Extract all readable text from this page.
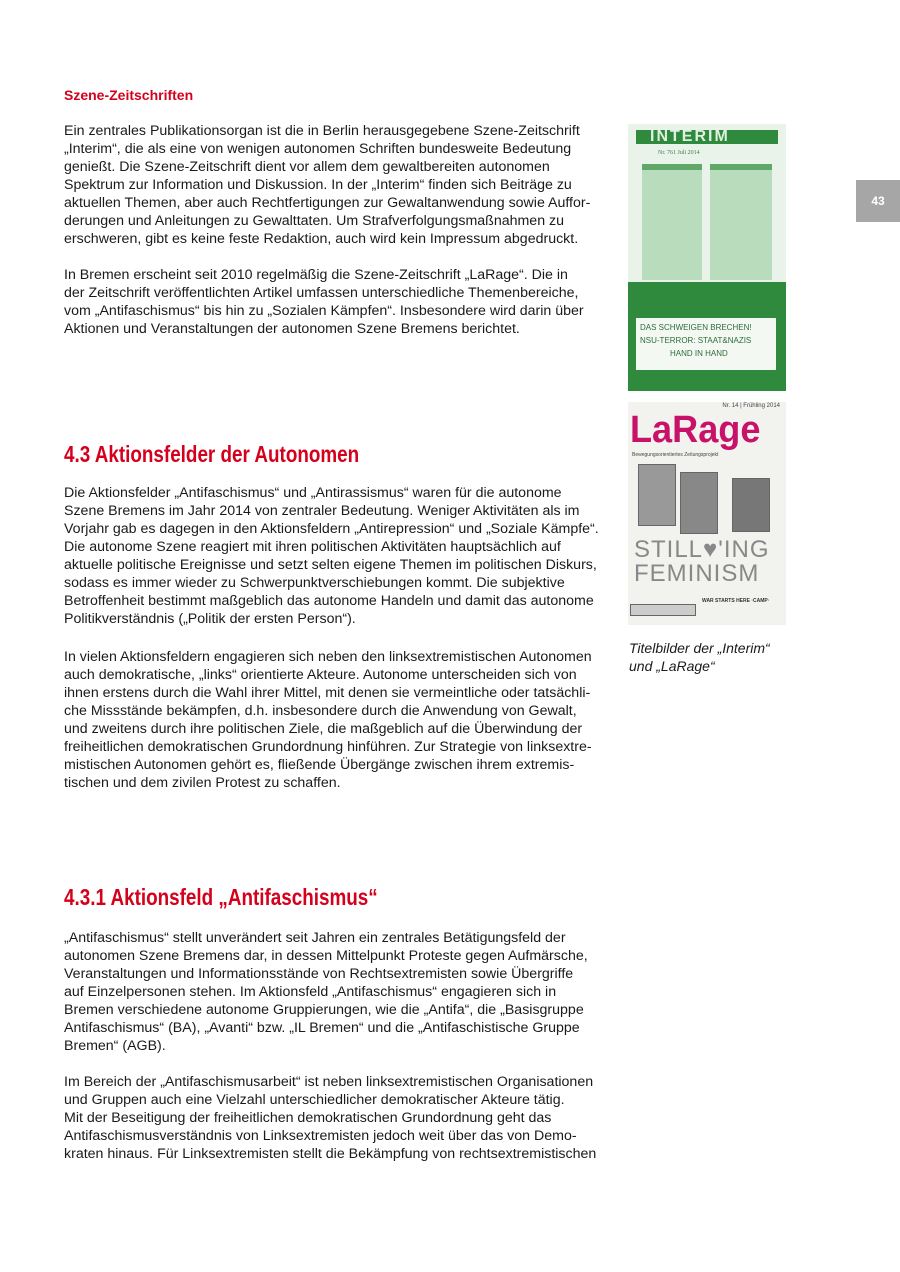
43
Szene-Zeitschriften
Ein zentrales Publikationsorgan ist die in Berlin herausgegebene Szene-Zeitschrift
„Interim“, die als eine von wenigen autonomen Schriften bundesweite Bedeutung
genießt. Die Szene-Zeitschrift dient vor allem dem gewaltbereiten autonomen
Spektrum zur Information und Diskussion. In der „Interim“ finden sich Beiträge zu
aktuellen Themen, aber auch Rechtfertigungen zur Gewaltanwendung sowie Auffor-
derungen und Anleitungen zu Gewalttaten. Um Strafverfolgungsmaßnahmen zu
erschweren, gibt es keine feste Redaktion, auch wird kein Impressum abgedruckt.
In Bremen erscheint seit 2010 regelmäßig die Szene-Zeitschrift „LaRage“. Die in
der Zeitschrift veröffentlichten Artikel umfassen unterschiedliche Themenbereiche,
vom „Antifaschismus“ bis hin zu „Sozialen Kämpfen“. Insbesondere wird darin über
Aktionen und Veranstaltungen der autonomen Szene Bremens berichtet.
4.3 Aktionsfelder der Autonomen
Die Aktionsfelder „Antifaschismus“ und „Antirassismus“ waren für die autonome
Szene Bremens im Jahr 2014 von zentraler Bedeutung. Weniger Aktivitäten als im
Vorjahr gab es dagegen in den Aktionsfeldern „Antirepression“ und „Soziale Kämpfe“.
Die autonome Szene reagiert mit ihren politischen Aktivitäten hauptsächlich auf
aktuelle politische Ereignisse und setzt selten eigene Themen im politischen Diskurs,
sodass es immer wieder zu Schwerpunktverschiebungen kommt. Die subjektive
Betroffenheit bestimmt maßgeblich das autonome Handeln und damit das autonome
Politikverständnis („Politik der ersten Person“).
In vielen Aktionsfeldern engagieren sich neben den linksextremistischen Autonomen
auch demokratische, „links“ orientierte Akteure. Autonome unterscheiden sich von
ihnen erstens durch die Wahl ihrer Mittel, mit denen sie vermeintliche oder tatsächli-
che Missstände bekämpfen, d.h. insbesondere durch die Anwendung von Gewalt,
und zweitens durch ihre politischen Ziele, die maßgeblich auf die Überwindung der
freiheitlichen demokratischen Grundordnung hinführen. Zur Strategie von linksextre-
mistischen Autonomen gehört es, fließende Übergänge zwischen ihrem extremis-
tischen und dem zivilen Protest zu schaffen.
4.3.1 Aktionsfeld „Antifaschismus“
„Antifaschismus“ stellt unverändert seit Jahren ein zentrales Betätigungsfeld der
autonomen Szene Bremens dar, in dessen Mittelpunkt Proteste gegen Aufmärsche,
Veranstaltungen und Informationsstände von Rechtsextremisten sowie Übergriffe
auf Einzelpersonen stehen. Im Aktionsfeld „Antifaschismus“ engagieren sich in
Bremen verschiedene autonome Gruppierungen, wie die „Antifa“, die „Basisgruppe
Antifaschismus“ (BA), „Avanti“ bzw. „IL Bremen“ und die „Antifaschistische Gruppe
Bremen“ (AGB).
Im Bereich der „Antifaschismusarbeit“ ist neben linksextremistischen Organisationen
und Gruppen auch eine Vielzahl unterschiedlicher demokratischer Akteure tätig.
Mit der Beseitigung der freiheitlichen demokratischen Grundordnung geht das
Antifaschismusverständnis von Linksextremisten jedoch weit über das von Demo-
kraten hinaus. Für Linksextremisten stellt die Bekämpfung von rechtsextremistischen
INTERIM
Nr. 761 Juli 2014
DAS SCHWEIGEN BRECHEN!
NSU-TERROR: STAAT&NAZIS
HAND IN HAND
Nr. 14 | Frühling 2014
LaRage
Bewegungsorientiertes Zeitungsprojekt
STILL♥'ING
FEMINISM
WAR STARTS HERE ·CAMP·
Titelbilder der „Interim“
und „LaRage“
